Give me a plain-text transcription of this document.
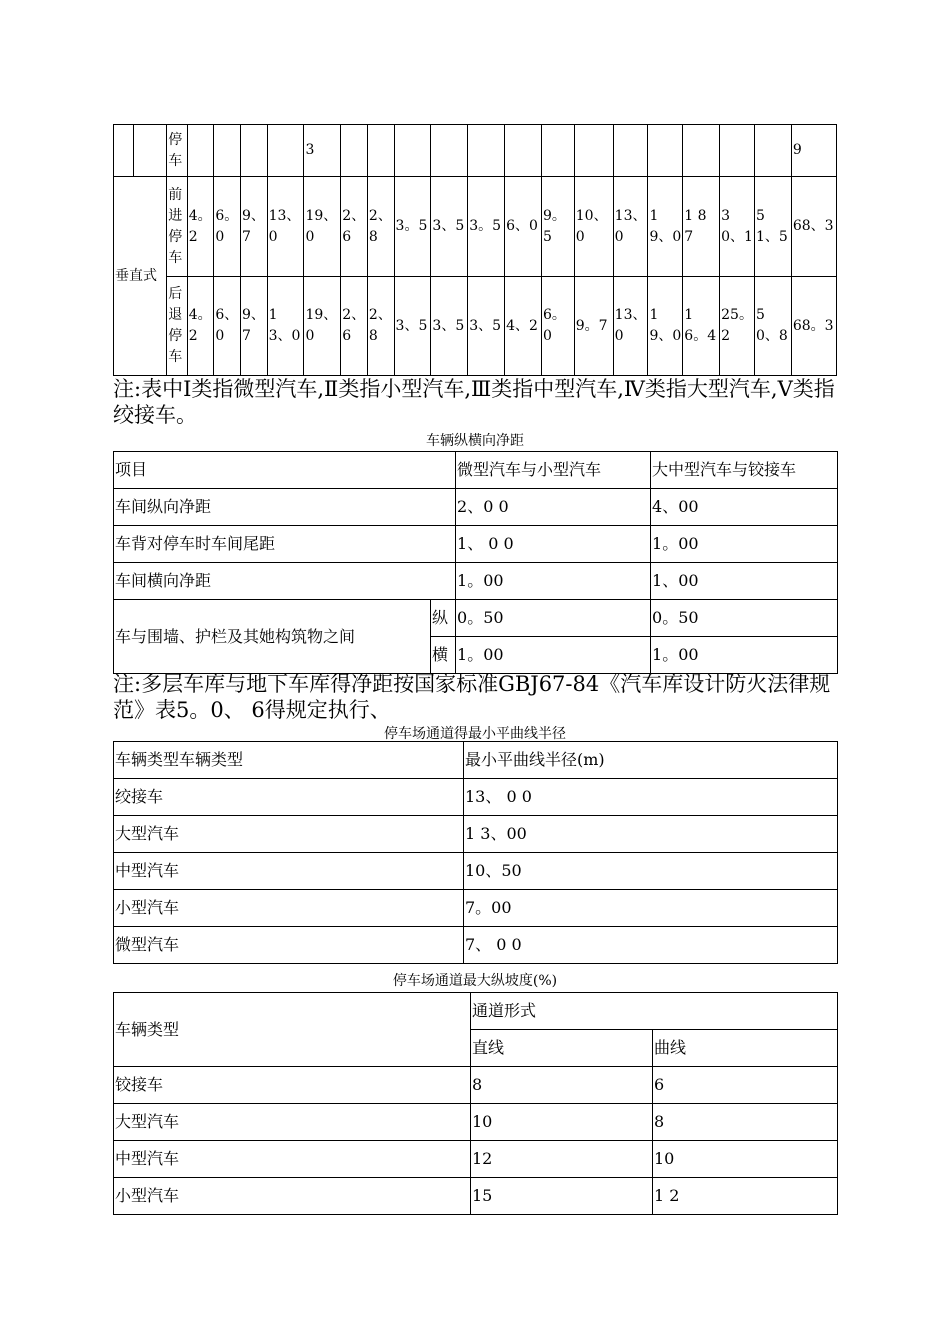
		停车					3														9
垂直式		前进停车	4。2	6。0	9、7	13、0	19、0	2、6	2、8	3。5	3、5	3。5	6、0	9。5	10、0	13、0	1 9、0	1 8 7	3 0、1	5 1、5	68、3
		后退停车	4。2	6、0	9、7	1 3、0	19、0	2、6	2、8	3、5	3、5	3、5	4、2	6。0	9。7	13、0	1 9、0	1 6。4	25。2	5 0、8	68。3
注:表中Ⅰ类指微型汽车,Ⅱ类指小型汽车,Ⅲ类指中型汽车,Ⅳ类指大型汽车,Ⅴ类指绞接车。
车辆纵横向净距
项目		微型汽车与小型汽车	大中型汽车与铰接车
车间纵向净距		2、0 0	4、00
车背对停车时车间尾距		1、 0 0	1。00
车间横向净距		1。00	1、00
车与围墙、护栏及其她构筑物之间	纵	0。50	0。50
	横	1。00	1。00
注:多层车库与地下车库得净距按国家标准GBJ67-84《汽车库设计防火法律规范》表5。0、 6得规定执行、
停车场通道得最小平曲线半径
车辆类型车辆类型	最小平曲线半径(m)
绞接车	13、 0 0
大型汽车	1 3、00
中型汽车	10、50
小型汽车	7。00
微型汽车	7、 0 0
停车场通道最大纵坡度(%)
车辆类型	通道形式	
	直线	曲线
铰接车	8	6
大型汽车	10	8
中型汽车	12	10
小型汽车	15	1 2
